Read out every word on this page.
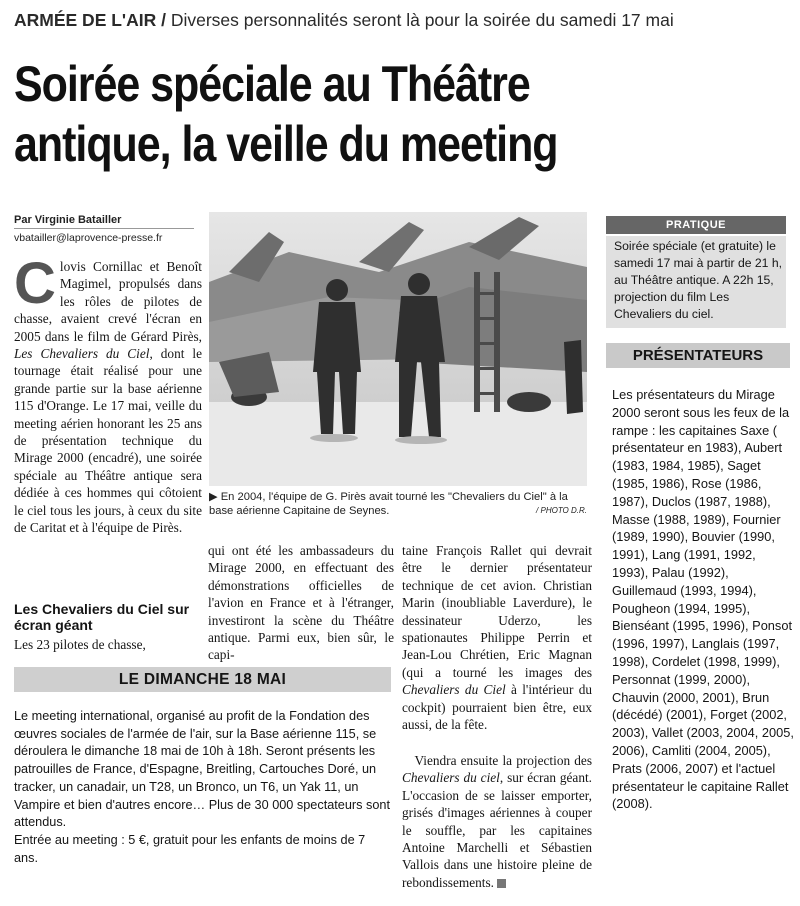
ARMÉE DE L'AIR / Diverses personnalités seront là pour la soirée du samedi 17 mai
Soirée spéciale au Théâtre
antique, la veille du meeting
Par Virginie Batailler
vbatailler@laprovence-presse.fr
Clovis Cornillac et Benoît Magimel, propulsés dans les rôles de pilotes de chasse, avaient crevé l'écran en 2005 dans le film de Gérard Pirès, Les Chevaliers du Ciel, dont le tournage était réalisé pour une grande partie sur la base aérienne 115 d'Orange. Le 17 mai, veille du meeting aérien honorant les 25 ans de présentation technique du Mirage 2000 (encadré), une soirée spéciale au Théâtre antique sera dédiée à ces hommes qui côtoient le ciel tous les jours, à ceux du site de Caritat et à l'équipe de Pirès.
Les Chevaliers du Ciel sur écran géant
Les 23 pilotes de chasse,
▶ En 2004, l'équipe de G. Pirès avait tourné les "Chevaliers du Ciel" à la base aérienne Capitaine de Seynes.	/ PHOTO D.R.
qui ont été les ambassadeurs du Mirage 2000, en effectuant des démonstrations officielles de l'avion en France et à l'étranger, investiront la scène du Théâtre antique. Parmi eux, bien sûr, le capi-
taine François Rallet qui devrait être le dernier présentateur technique de cet avion. Christian Marin (inoubliable Laverdure), le dessinateur Uderzo, les spationautes Philippe Perrin et Jean-Lou Chrétien, Eric Magnan (qui a tourné les images des Chevaliers du Ciel à l'intérieur du cockpit) pourraient bien être, eux aussi, de la fête.
Viendra ensuite la projection des Chevaliers du ciel, sur écran géant. L'occasion de se laisser emporter, grisés d'images aériennes à couper le souffle, par les capitaines Antoine Marchelli et Sébastien Vallois dans une histoire pleine de rebondissements.
LE DIMANCHE 18 MAI
Le meeting international, organisé au profit de la Fondation des œuvres sociales de l'armée de l'air, sur la Base aérienne 115, se déroulera le dimanche 18 mai de 10h à 18h. Seront présents les patrouilles de France, d'Espagne, Breitling, Cartouches Doré, un tracker, un canadair, un T28, un Bronco, un T6, un Yak 11, un Vampire et bien d'autres encore… Plus de 30 000 spectateurs sont attendus.
Entrée au meeting : 5 €, gratuit pour les enfants de moins de 7 ans.
PRATIQUE
Soirée spéciale (et gratuite) le samedi 17 mai à partir de 21 h, au Théâtre antique. A 22h 15, projection du film Les Chevaliers du ciel.
PRÉSENTATEURS
Les présentateurs du Mirage 2000 seront sous les feux de la rampe : les capitaines Saxe ( présentateur en 1983), Aubert (1983, 1984, 1985), Saget (1985, 1986), Rose (1986, 1987), Duclos (1987, 1988), Masse (1988, 1989), Fournier (1989, 1990), Bouvier (1990, 1991), Lang (1991, 1992, 1993), Palau (1992), Guillemaud (1993, 1994), Pougheon (1994, 1995), Bienséant (1995, 1996), Ponsot (1996, 1997), Langlais (1997, 1998), Cordelet (1998, 1999), Personnat (1999, 2000), Chauvin (2000, 2001), Brun (décédé) (2001), Forget (2002, 2003), Vallet (2003, 2004, 2005, 2006), Camliti (2004, 2005), Prats (2006, 2007) et l'actuel présentateur le capitaine Rallet (2008).
